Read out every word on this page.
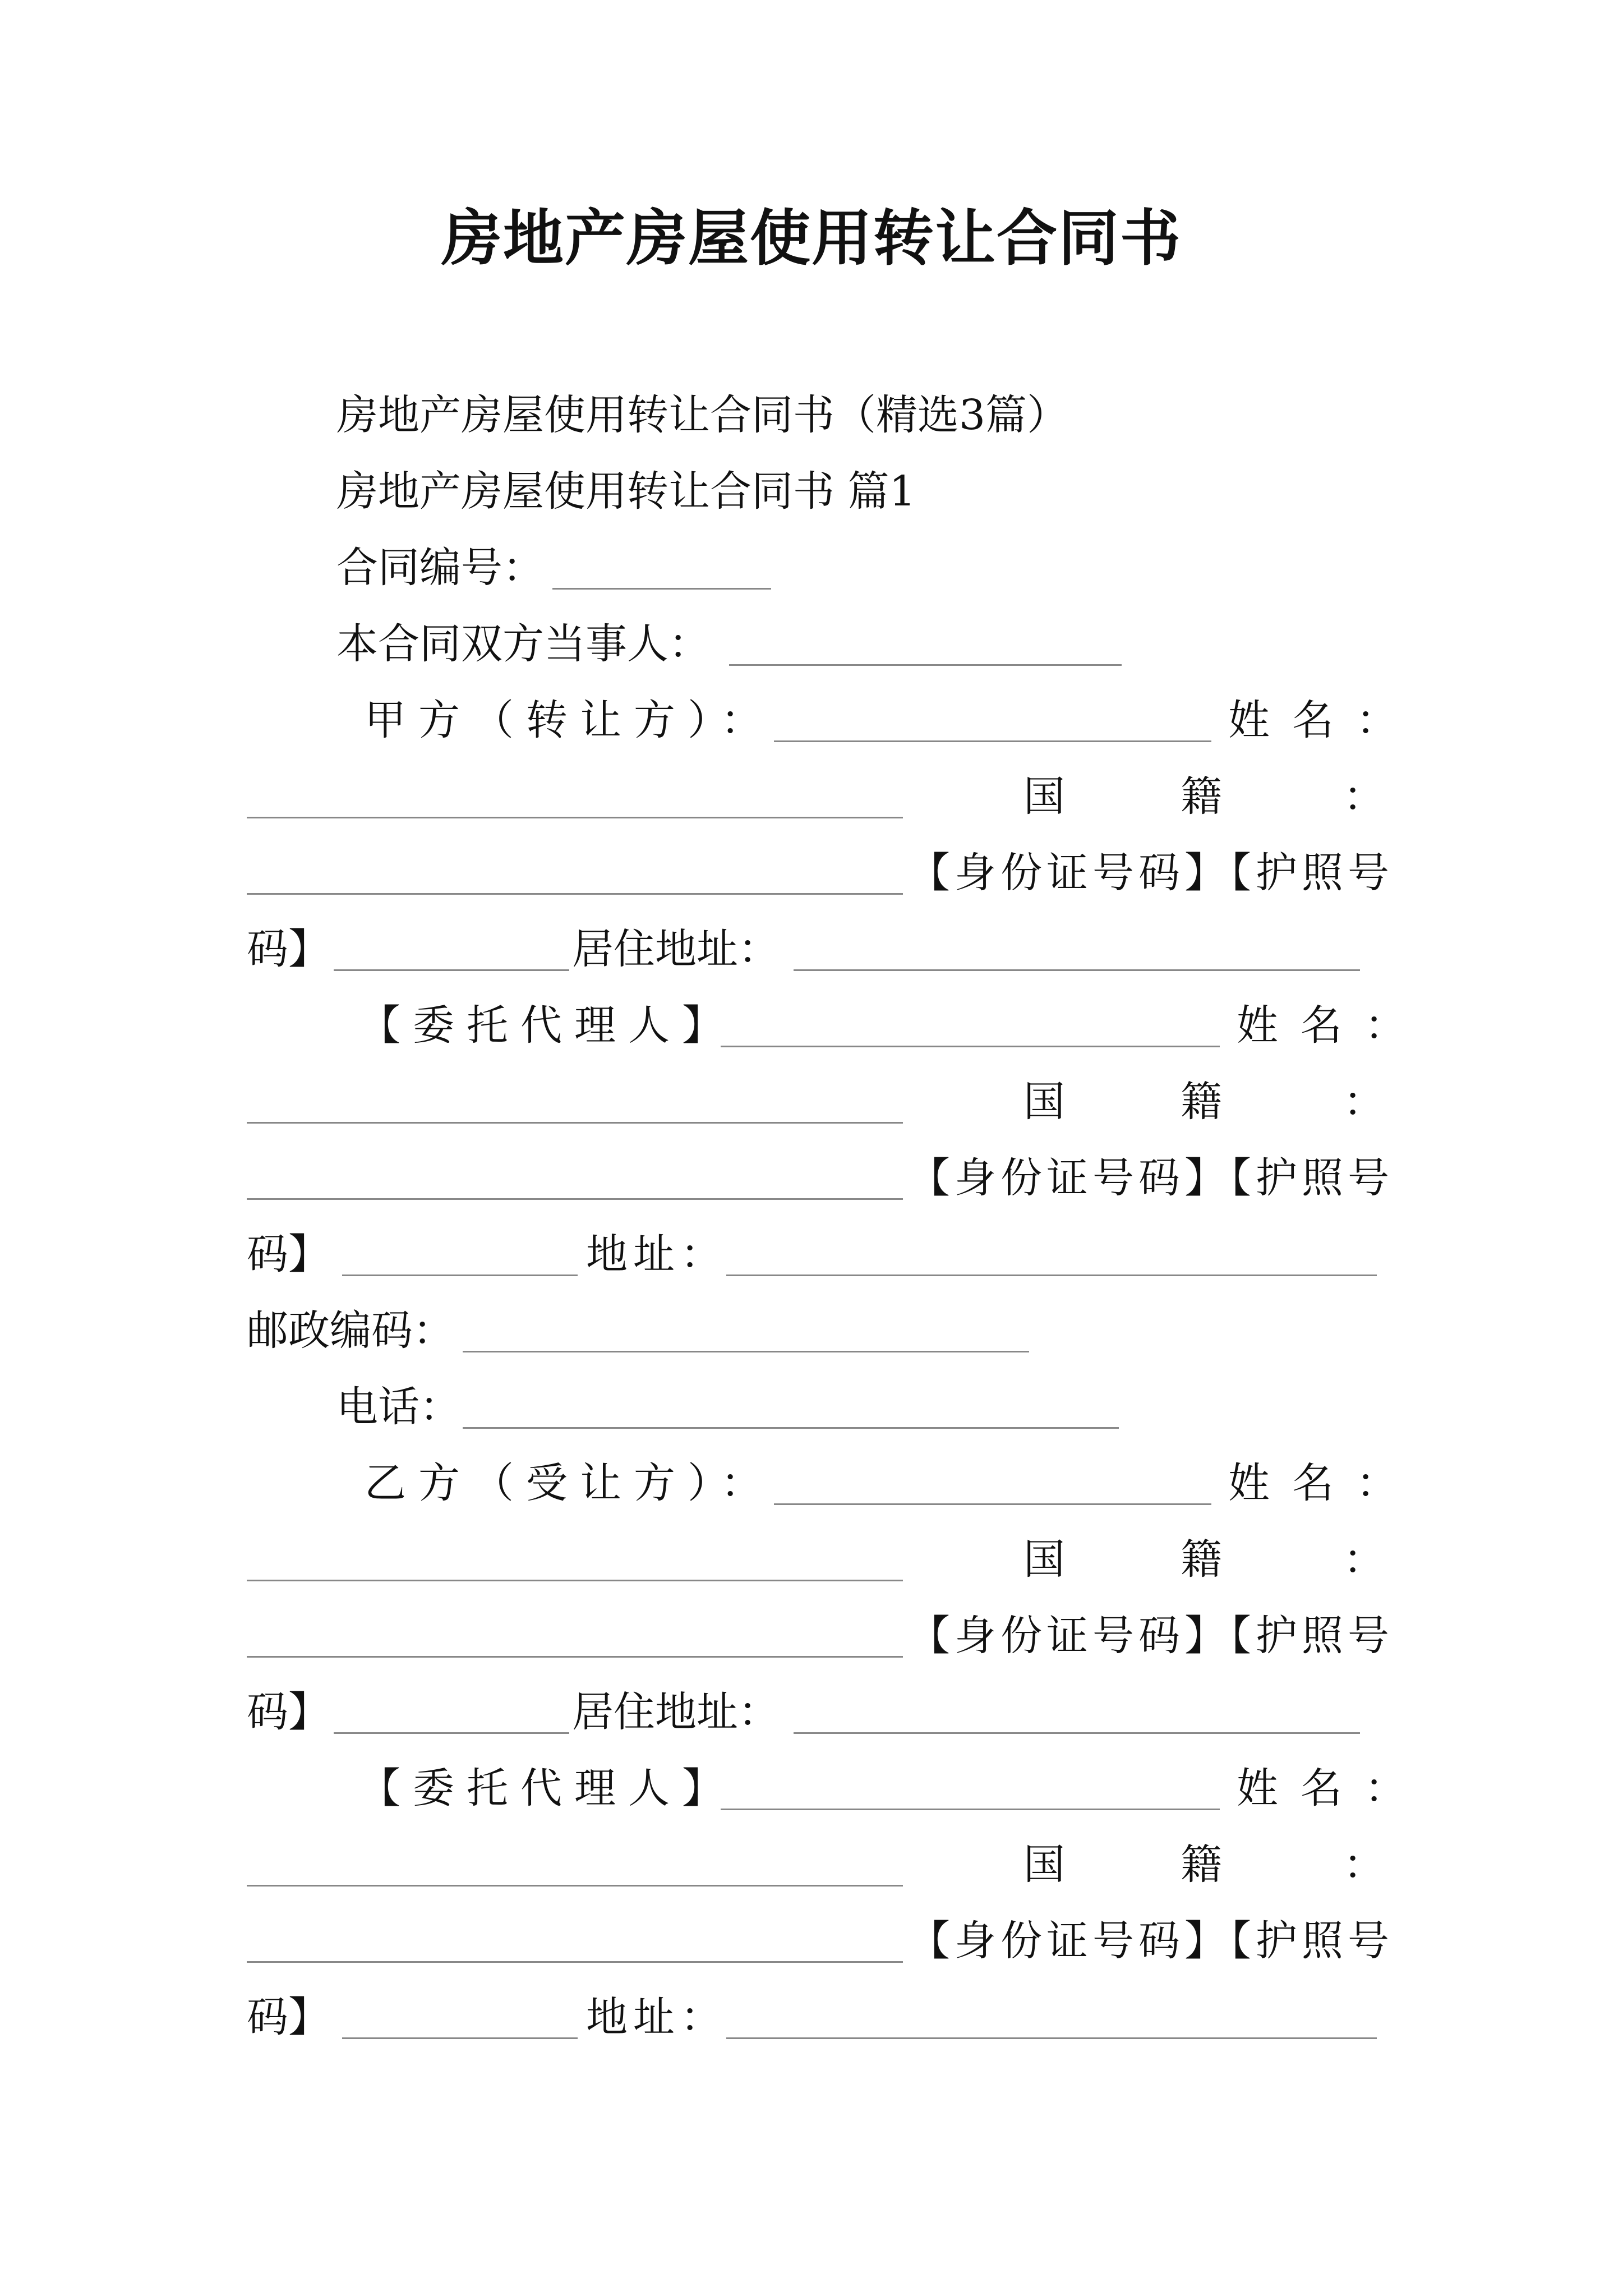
房地产房屋使用转让合同书
房地产房屋使用转让合同书（精选3篇）
房地产房屋使用转让合同书 篇1
合同编号：
本合同双方当事人：
甲方（转让方）：	姓名：
国	籍	：
【身份证号码】【护照号
码】	居住地址：
【委托代理人】	姓名：
国	籍	：
【身份证号码】【护照号
码】	地址：
邮政编码：
电话：
乙方（受让方）：	姓名：
国	籍	：
【身份证号码】【护照号
码】	居住地址：
【委托代理人】	姓名：
国	籍	：
【身份证号码】【护照号
码】	地址：
